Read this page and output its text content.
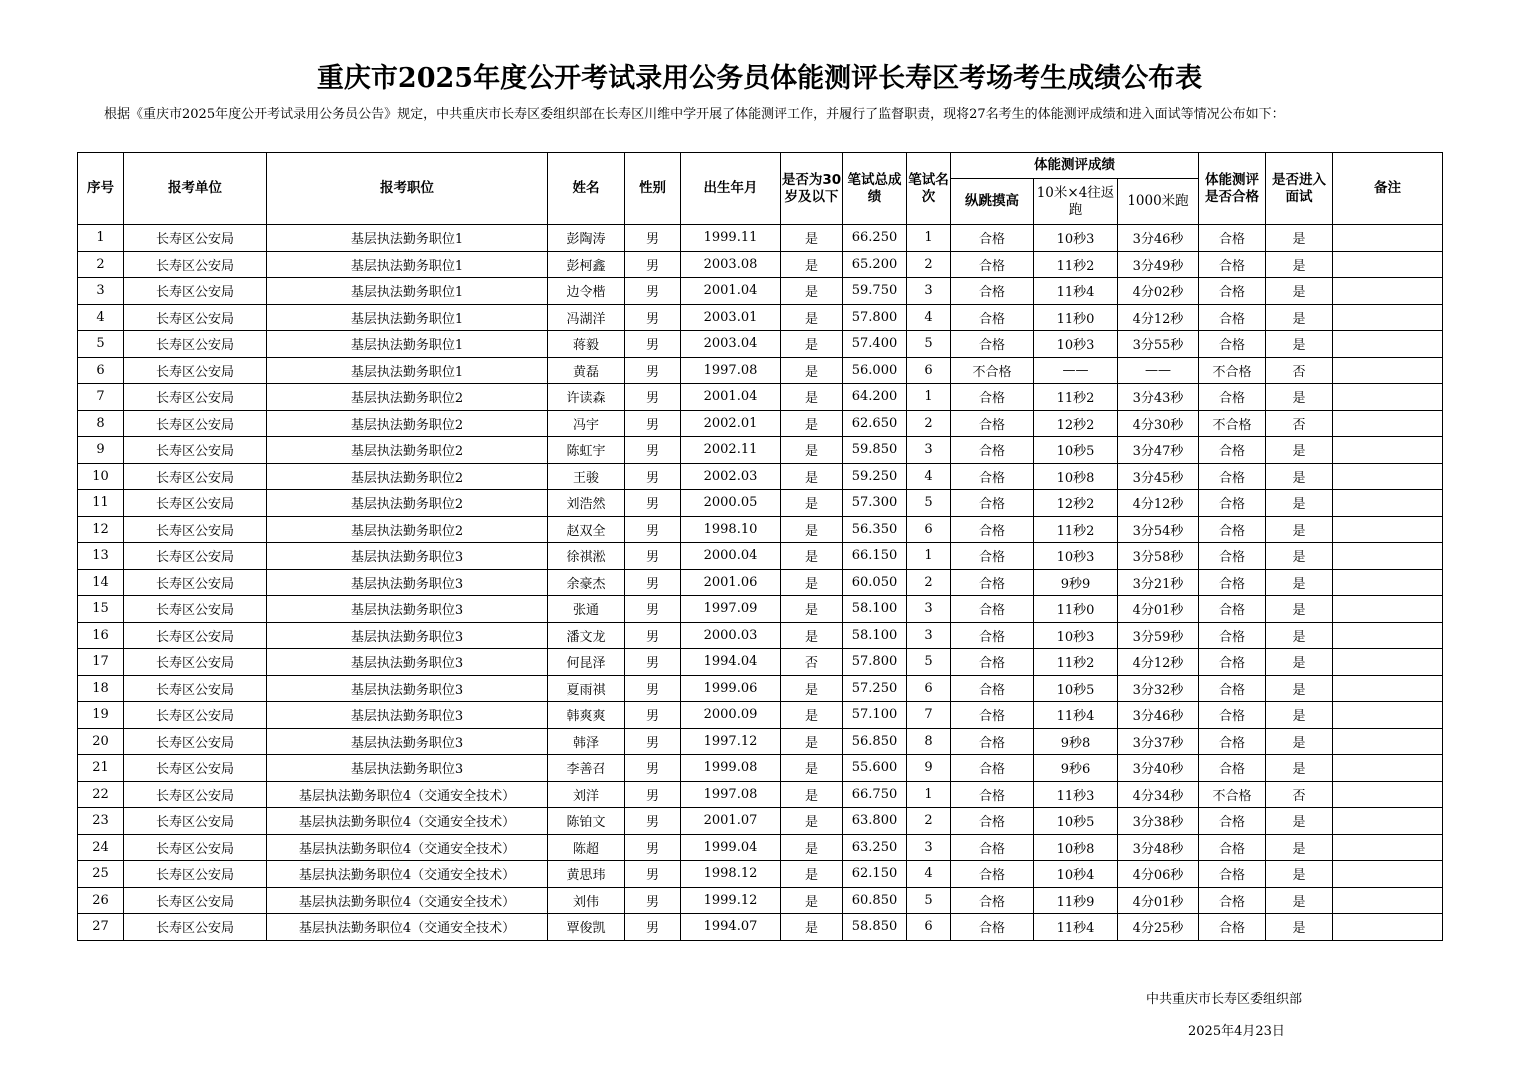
重庆市2025年度公开考试录用公务员体能测评长寿区考场考生成绩公布表
根据《重庆市2025年度公开考试录用公务员公告》规定，中共重庆市长寿区委组织部在长寿区川维中学开展了体能测评工作，并履行了监督职责，现将27名考生的体能测评成绩和进入面试等情况公布如下：
序号	报考单位	报考职位	姓名	性别	出生年月	是否为30岁及以下	笔试总成绩	笔试名次	体能测评成绩			体能测评是否合格	是否进入面试	备注
									纵跳摸高	10米×4往返跑	1000米跑			
1	长寿区公安局	基层执法勤务职位1	彭陶涛	男	1999.11	是	66.250	1	合格	10秒3	3分46秒	合格	是	
2	长寿区公安局	基层执法勤务职位1	彭柯鑫	男	2003.08	是	65.200	2	合格	11秒2	3分49秒	合格	是	
3	长寿区公安局	基层执法勤务职位1	边令楷	男	2001.04	是	59.750	3	合格	11秒4	4分02秒	合格	是	
4	长寿区公安局	基层执法勤务职位1	冯湖洋	男	2003.01	是	57.800	4	合格	11秒0	4分12秒	合格	是	
5	长寿区公安局	基层执法勤务职位1	蒋毅	男	2003.04	是	57.400	5	合格	10秒3	3分55秒	合格	是	
6	长寿区公安局	基层执法勤务职位1	黄磊	男	1997.08	是	56.000	6	不合格	——	——	不合格	否	
7	长寿区公安局	基层执法勤务职位2	许读森	男	2001.04	是	64.200	1	合格	11秒2	3分43秒	合格	是	
8	长寿区公安局	基层执法勤务职位2	冯宇	男	2002.01	是	62.650	2	合格	12秒2	4分30秒	不合格	否	
9	长寿区公安局	基层执法勤务职位2	陈虹宇	男	2002.11	是	59.850	3	合格	10秒5	3分47秒	合格	是	
10	长寿区公安局	基层执法勤务职位2	王骏	男	2002.03	是	59.250	4	合格	10秒8	3分45秒	合格	是	
11	长寿区公安局	基层执法勤务职位2	刘浩然	男	2000.05	是	57.300	5	合格	12秒2	4分12秒	合格	是	
12	长寿区公安局	基层执法勤务职位2	赵双全	男	1998.10	是	56.350	6	合格	11秒2	3分54秒	合格	是	
13	长寿区公安局	基层执法勤务职位3	徐祺淞	男	2000.04	是	66.150	1	合格	10秒3	3分58秒	合格	是	
14	长寿区公安局	基层执法勤务职位3	余豪杰	男	2001.06	是	60.050	2	合格	9秒9	3分21秒	合格	是	
15	长寿区公安局	基层执法勤务职位3	张通	男	1997.09	是	58.100	3	合格	11秒0	4分01秒	合格	是	
16	长寿区公安局	基层执法勤务职位3	潘文龙	男	2000.03	是	58.100	3	合格	10秒3	3分59秒	合格	是	
17	长寿区公安局	基层执法勤务职位3	何昆泽	男	1994.04	否	57.800	5	合格	11秒2	4分12秒	合格	是	
18	长寿区公安局	基层执法勤务职位3	夏雨祺	男	1999.06	是	57.250	6	合格	10秒5	3分32秒	合格	是	
19	长寿区公安局	基层执法勤务职位3	韩爽爽	男	2000.09	是	57.100	7	合格	11秒4	3分46秒	合格	是	
20	长寿区公安局	基层执法勤务职位3	韩泽	男	1997.12	是	56.850	8	合格	9秒8	3分37秒	合格	是	
21	长寿区公安局	基层执法勤务职位3	李善召	男	1999.08	是	55.600	9	合格	9秒6	3分40秒	合格	是	
22	长寿区公安局	基层执法勤务职位4（交通安全技术）	刘洋	男	1997.08	是	66.750	1	合格	11秒3	4分34秒	不合格	否	
23	长寿区公安局	基层执法勤务职位4（交通安全技术）	陈铂文	男	2001.07	是	63.800	2	合格	10秒5	3分38秒	合格	是	
24	长寿区公安局	基层执法勤务职位4（交通安全技术）	陈超	男	1999.04	是	63.250	3	合格	10秒8	3分48秒	合格	是	
25	长寿区公安局	基层执法勤务职位4（交通安全技术）	黄思玮	男	1998.12	是	62.150	4	合格	10秒4	4分06秒	合格	是	
26	长寿区公安局	基层执法勤务职位4（交通安全技术）	刘伟	男	1999.12	是	60.850	5	合格	11秒9	4分01秒	合格	是	
27	长寿区公安局	基层执法勤务职位4（交通安全技术）	覃俊凯	男	1994.07	是	58.850	6	合格	11秒4	4分25秒	合格	是	
中共重庆市长寿区委组织部
2025年4月23日
